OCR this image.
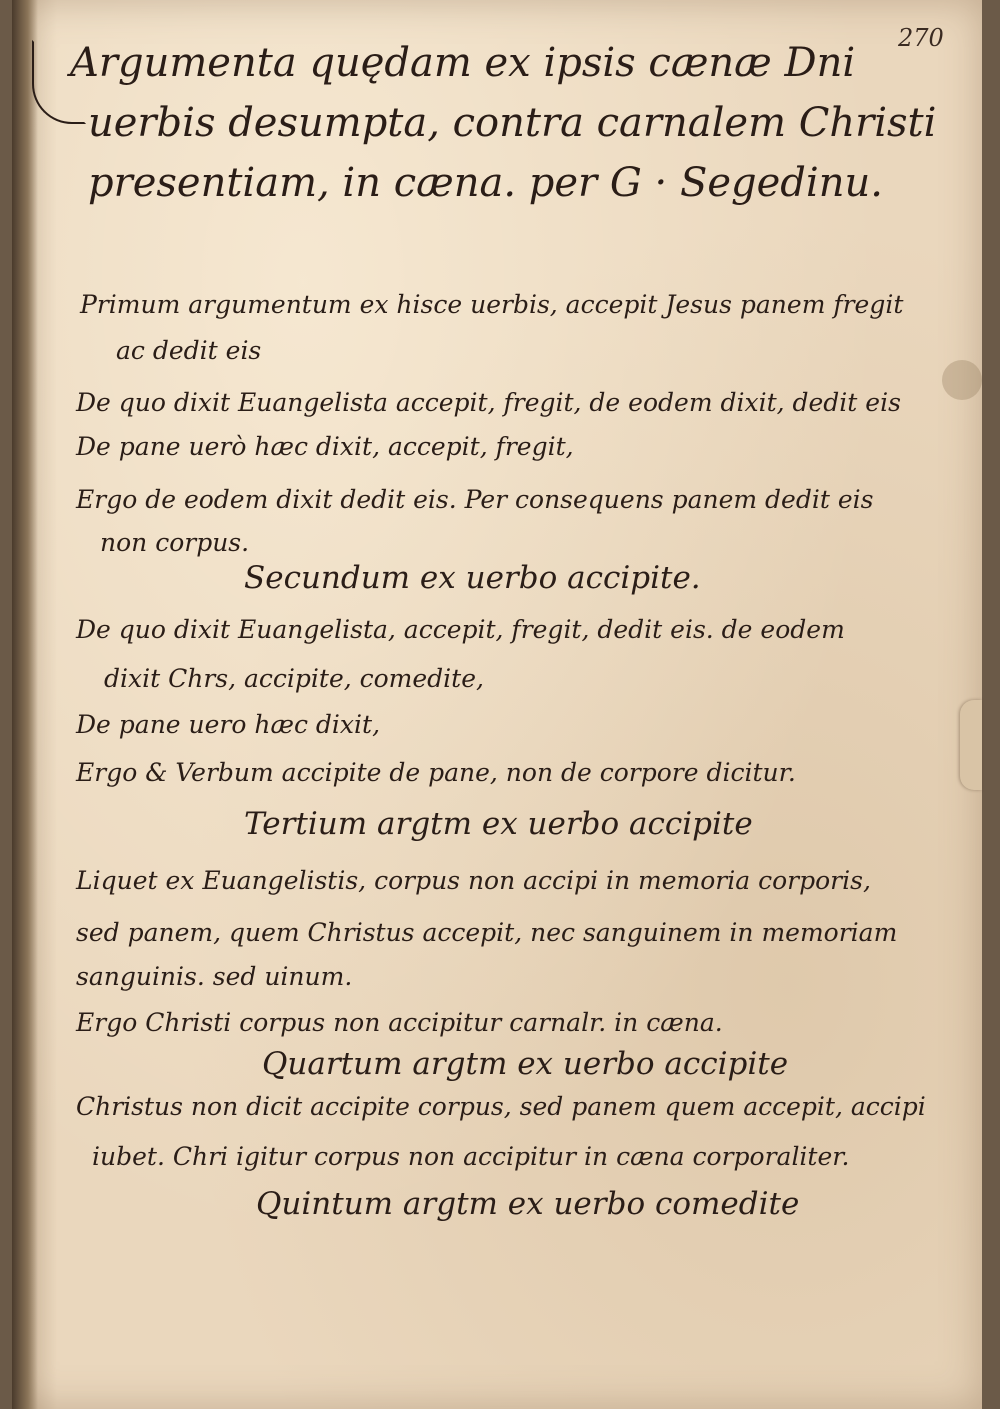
270
Argumenta quędam ex ipsis cænæ Dni
uerbis desumpta, contra carnalem Christi
presentiam, in cæna. per G · Segedinu.
Primum argumentum ex hisce uerbis, accepit Jesus panem fregit
ac dedit eis
De quo dixit Euangelista accepit, fregit, de eodem dixit, dedit eis
De pane uerò hæc dixit, accepit, fregit,
Ergo de eodem dixit dedit eis. Per consequens panem dedit eis
non corpus.
Secundum ex uerbo accipite.
De quo dixit Euangelista, accepit, fregit, dedit eis. de eodem
dixit Chrs, accipite, comedite,
De pane uero hæc dixit,
Ergo & Verbum accipite de pane, non de corpore dicitur.
Tertium argtm ex uerbo accipite
Liquet ex Euangelistis, corpus non accipi in memoria corporis,
sed panem, quem Christus accepit, nec sanguinem in memoriam
sanguinis. sed uinum.
Ergo Christi corpus non accipitur carnalr. in cæna.
Quartum argtm ex uerbo accipite
Christus non dicit accipite corpus, sed panem quem accepit, accipi
iubet. Chri igitur corpus non accipitur in cæna corporaliter.
Quintum argtm ex uerbo comedite
